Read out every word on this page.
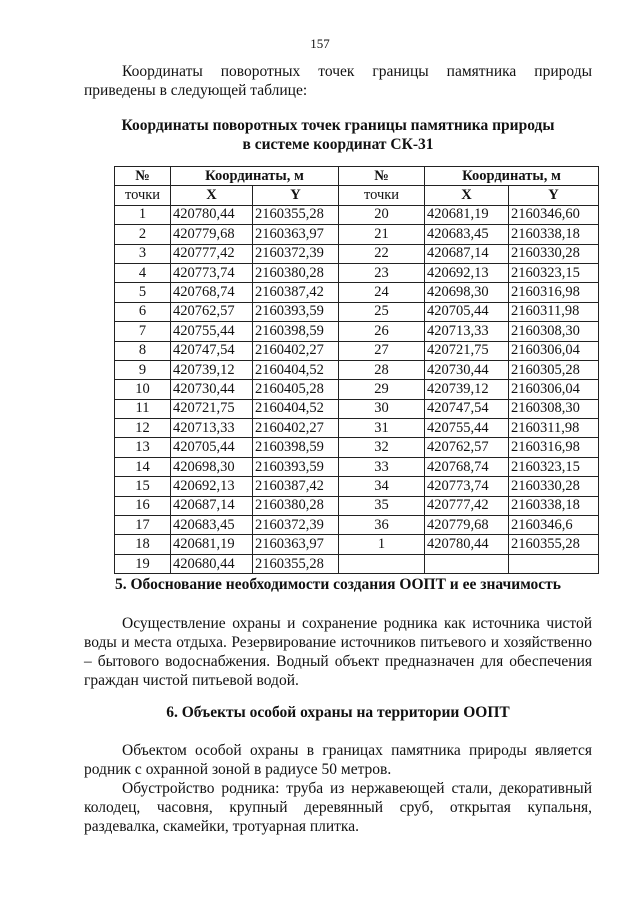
157
Координаты поворотных точек границы памятника природы приведены в следующей таблице:
Координаты поворотных точек границы памятника природы
в системе координат СК-31
№	Координаты, м		№	Координаты, м	
точки	X	Y	точки	X	Y
1	420780,44	2160355,28	20	420681,19	2160346,60
2	420779,68	2160363,97	21	420683,45	2160338,18
3	420777,42	2160372,39	22	420687,14	2160330,28
4	420773,74	2160380,28	23	420692,13	2160323,15
5	420768,74	2160387,42	24	420698,30	2160316,98
6	420762,57	2160393,59	25	420705,44	2160311,98
7	420755,44	2160398,59	26	420713,33	2160308,30
8	420747,54	2160402,27	27	420721,75	2160306,04
9	420739,12	2160404,52	28	420730,44	2160305,28
10	420730,44	2160405,28	29	420739,12	2160306,04
11	420721,75	2160404,52	30	420747,54	2160308,30
12	420713,33	2160402,27	31	420755,44	2160311,98
13	420705,44	2160398,59	32	420762,57	2160316,98
14	420698,30	2160393,59	33	420768,74	2160323,15
15	420692,13	2160387,42	34	420773,74	2160330,28
16	420687,14	2160380,28	35	420777,42	2160338,18
17	420683,45	2160372,39	36	420779,68	2160346,6
18	420681,19	2160363,97	1	420780,44	2160355,28
19	420680,44	2160355,28			
5. Обоснование необходимости создания ООПТ и ее значимость
Осуществление охраны и сохранение родника как источника чистой воды и места отдыха. Резервирование источников питьевого и хозяйственно – бытового водоснабжения. Водный объект предназначен для обеспечения граждан чистой питьевой водой.
6. Объекты особой охраны на территории ООПТ
Объектом особой охраны в границах памятника природы является родник с охранной зоной в радиусе 50 метров.
Обустройство родника: труба из нержавеющей стали, декоративный колодец, часовня, крупный деревянный сруб, открытая купальня, раздевалка, скамейки, тротуарная плитка.
